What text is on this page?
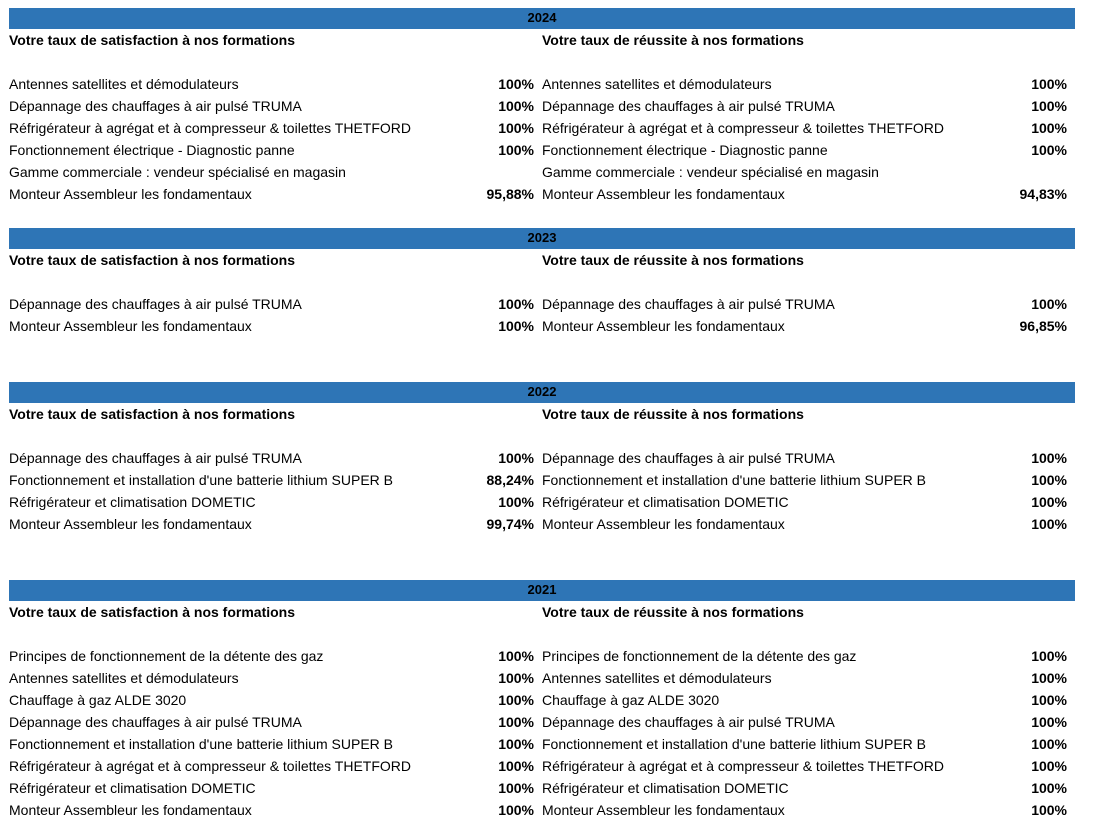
2024
Votre taux de satisfaction à nos formations	Votre taux de réussite à nos formations
Antennes satellites et démodulateurs	100% Antennes satellites et démodulateurs	100%
Dépannage des chauffages à air pulsé TRUMA	100% Dépannage des chauffages à air pulsé TRUMA	100%
Réfrigérateur à agrégat et à compresseur & toilettes THETFORD	100% Réfrigérateur à agrégat et à compresseur & toilettes THETFORD	100%
Fonctionnement électrique - Diagnostic panne	100% Fonctionnement électrique - Diagnostic panne	100%
Gamme commerciale : vendeur spécialisé en magasin	Gamme commerciale : vendeur spécialisé en magasin
Monteur Assembleur les fondamentaux	95,88% Monteur Assembleur les fondamentaux	94,83%
2023
Votre taux de satisfaction à nos formations	Votre taux de réussite à nos formations
Dépannage des chauffages à air pulsé TRUMA	100% Dépannage des chauffages à air pulsé TRUMA	100%
Monteur Assembleur les fondamentaux	100% Monteur Assembleur les fondamentaux	96,85%
2022
Votre taux de satisfaction à nos formations	Votre taux de réussite à nos formations
Dépannage des chauffages à air pulsé TRUMA	100% Dépannage des chauffages à air pulsé TRUMA	100%
Fonctionnement et installation d'une batterie lithium SUPER B	88,24% Fonctionnement et installation d'une batterie lithium SUPER B	100%
Réfrigérateur et climatisation DOMETIC	100% Réfrigérateur et climatisation DOMETIC	100%
Monteur Assembleur les fondamentaux	99,74% Monteur Assembleur les fondamentaux	100%
2021
Votre taux de satisfaction à nos formations	Votre taux de réussite à nos formations
Principes de fonctionnement de la détente des gaz	100% Principes de fonctionnement de la détente des gaz	100%
Antennes satellites et démodulateurs	100% Antennes satellites et démodulateurs	100%
Chauffage à gaz ALDE 3020	100% Chauffage à gaz ALDE 3020	100%
Dépannage des chauffages à air pulsé TRUMA	100% Dépannage des chauffages à air pulsé TRUMA	100%
Fonctionnement et installation d'une batterie lithium SUPER B	100% Fonctionnement et installation d'une batterie lithium SUPER B	100%
Réfrigérateur à agrégat et à compresseur & toilettes THETFORD	100% Réfrigérateur à agrégat et à compresseur & toilettes THETFORD	100%
Réfrigérateur et climatisation DOMETIC	100% Réfrigérateur et climatisation DOMETIC	100%
Monteur Assembleur les fondamentaux	100% Monteur Assembleur les fondamentaux	100%
